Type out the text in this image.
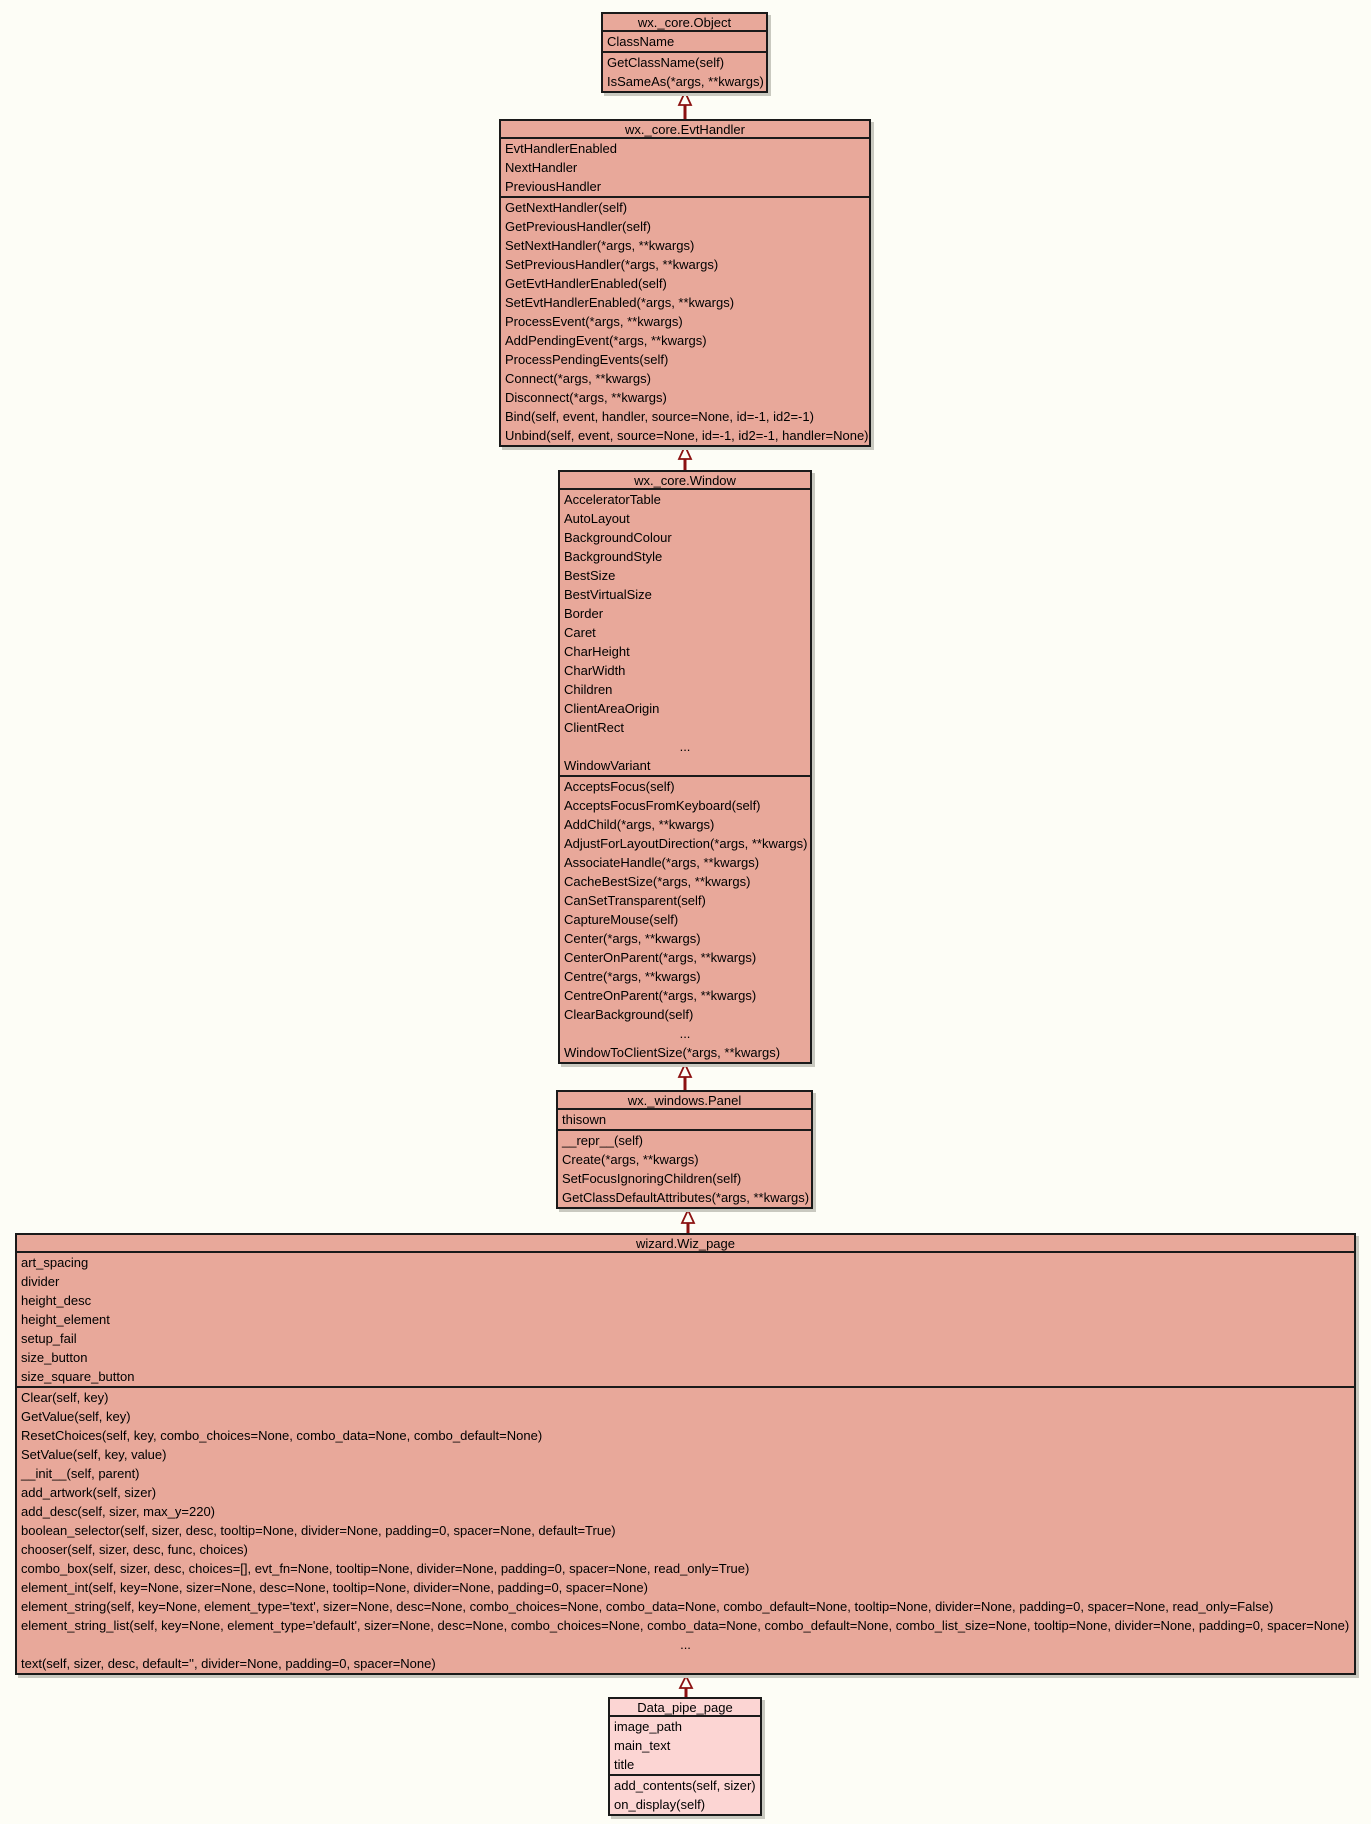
wx._core.Object
ClassName
GetClassName(self)
IsSameAs(*args, **kwargs)
wx._core.EvtHandler
EvtHandlerEnabled
NextHandler
PreviousHandler
GetNextHandler(self)
GetPreviousHandler(self)
SetNextHandler(*args, **kwargs)
SetPreviousHandler(*args, **kwargs)
GetEvtHandlerEnabled(self)
SetEvtHandlerEnabled(*args, **kwargs)
ProcessEvent(*args, **kwargs)
AddPendingEvent(*args, **kwargs)
ProcessPendingEvents(self)
Connect(*args, **kwargs)
Disconnect(*args, **kwargs)
Bind(self, event, handler, source=None, id=-1, id2=-1)
Unbind(self, event, source=None, id=-1, id2=-1, handler=None)
wx._core.Window
AcceleratorTable
AutoLayout
BackgroundColour
BackgroundStyle
BestSize
BestVirtualSize
Border
Caret
CharHeight
CharWidth
Children
ClientAreaOrigin
ClientRect
...
WindowVariant
AcceptsFocus(self)
AcceptsFocusFromKeyboard(self)
AddChild(*args, **kwargs)
AdjustForLayoutDirection(*args, **kwargs)
AssociateHandle(*args, **kwargs)
CacheBestSize(*args, **kwargs)
CanSetTransparent(self)
CaptureMouse(self)
Center(*args, **kwargs)
CenterOnParent(*args, **kwargs)
Centre(*args, **kwargs)
CentreOnParent(*args, **kwargs)
ClearBackground(self)
...
WindowToClientSize(*args, **kwargs)
wx._windows.Panel
thisown
__repr__(self)
Create(*args, **kwargs)
SetFocusIgnoringChildren(self)
GetClassDefaultAttributes(*args, **kwargs)
wizard.Wiz_page
art_spacing
divider
height_desc
height_element
setup_fail
size_button
size_square_button
Clear(self, key)
GetValue(self, key)
ResetChoices(self, key, combo_choices=None, combo_data=None, combo_default=None)
SetValue(self, key, value)
__init__(self, parent)
add_artwork(self, sizer)
add_desc(self, sizer, max_y=220)
boolean_selector(self, sizer, desc, tooltip=None, divider=None, padding=0, spacer=None, default=True)
chooser(self, sizer, desc, func, choices)
combo_box(self, sizer, desc, choices=[], evt_fn=None, tooltip=None, divider=None, padding=0, spacer=None, read_only=True)
element_int(self, key=None, sizer=None, desc=None, tooltip=None, divider=None, padding=0, spacer=None)
element_string(self, key=None, element_type='text', sizer=None, desc=None, combo_choices=None, combo_data=None, combo_default=None, tooltip=None, divider=None, padding=0, spacer=None, read_only=False)
element_string_list(self, key=None, element_type='default', sizer=None, desc=None, combo_choices=None, combo_data=None, combo_default=None, combo_list_size=None, tooltip=None, divider=None, padding=0, spacer=None)
...
text(self, sizer, desc, default='', divider=None, padding=0, spacer=None)
Data_pipe_page
image_path
main_text
title
add_contents(self, sizer)
on_display(self)
